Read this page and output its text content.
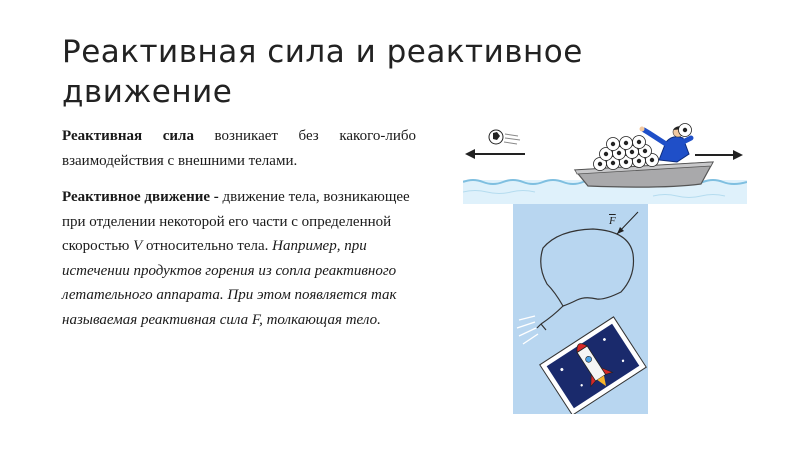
Реактивная сила и реактивное движение

Реактивная сила возникает без какого-либо взаимодействия с внешними телами.

Реактивное движение - движение тела, возникающее при отделении некоторой его части с определенной скоростью V относительно тела. Например, при истечении продуктов горения из сопла реактивного летательного аппарата. При этом появляется так называемая реактивная сила F, толкающая тело.

$\overline{F}$
